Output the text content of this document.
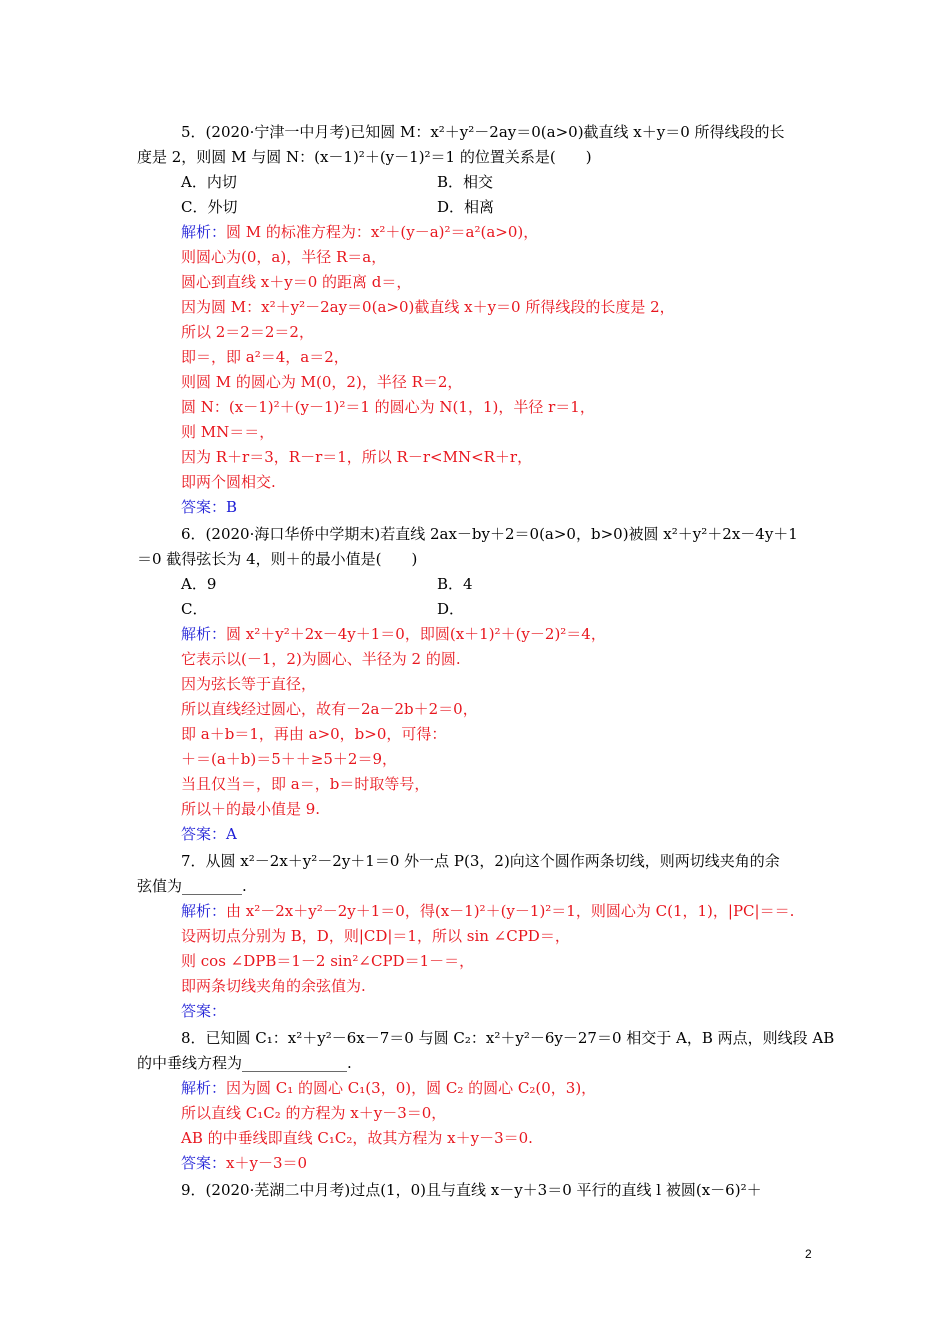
5．(2020·宁津一中月考)已知圆 M：x²＋y²－2ay＝0(a>0)截直线 x＋y＝0 所得线段的长
度是 2，则圆 M 与圆 N：(x－1)²＋(y－1)²＝1 的位置关系是(　　)
A．内切	B．相交
C．外切	D．相离
解析：圆 M 的标准方程为：x²＋(y－a)²＝a²(a>0)，
则圆心为(0，a)，半径 R＝a，
圆心到直线 x＋y＝0 的距离 d＝，
因为圆 M：x²＋y²－2ay＝0(a>0)截直线 x＋y＝0 所得线段的长度是 2，
所以 2＝2＝2＝2，
即＝，即 a²＝4，a＝2，
则圆 M 的圆心为 M(0，2)，半径 R＝2，
圆 N：(x－1)²＋(y－1)²＝1 的圆心为 N(1，1)，半径 r＝1，
则 MN＝＝，
因为 R＋r＝3，R－r＝1，所以 R－r<MN<R＋r，
即两个圆相交.
答案：B
6．(2020·海口华侨中学期末)若直线 2ax－by＋2＝0(a>0，b>0)被圆 x²＋y²＋2x－4y＋1
＝0 截得弦长为 4，则＋的最小值是(　　)
A．9	B．4
C．	D．
解析：圆 x²＋y²＋2x－4y＋1＝0，即圆(x＋1)²＋(y－2)²＝4，
它表示以(－1，2)为圆心、半径为 2 的圆.
因为弦长等于直径，
所以直线经过圆心，故有－2a－2b＋2＝0，
即 a＋b＝1，再由 a>0，b>0，可得：
＋＝(a＋b)＝5＋＋≥5＋2＝9，
当且仅当＝，即 a＝，b＝时取等号，
所以＋的最小值是 9.
答案：A
7．从圆 x²－2x＋y²－2y＋1＝0 外一点 P(3，2)向这个圆作两条切线，则两切线夹角的余
弦值为________.
解析：由 x²－2x＋y²－2y＋1＝0，得(x－1)²＋(y－1)²＝1，则圆心为 C(1，1)，|PC|＝＝.
设两切点分别为 B，D，则|CD|＝1，所以 sin ∠CPD＝，
则 cos ∠DPB＝1－2 sin²∠CPD＝1－＝，
即两条切线夹角的余弦值为.
答案：
8．已知圆 C₁：x²＋y²－6x－7＝0 与圆 C₂：x²＋y²－6y－27＝0 相交于 A，B 两点，则线段 AB
的中垂线方程为______________.
解析：因为圆 C₁ 的圆心 C₁(3，0)，圆 C₂ 的圆心 C₂(0，3)，
所以直线 C₁C₂ 的方程为 x＋y－3＝0，
AB 的中垂线即直线 C₁C₂，故其方程为 x＋y－3＝0.
答案：x＋y－3＝0
9．(2020·芜湖二中月考)过点(1，0)且与直线 x－y＋3＝0 平行的直线 l 被圆(x－6)²＋
2
